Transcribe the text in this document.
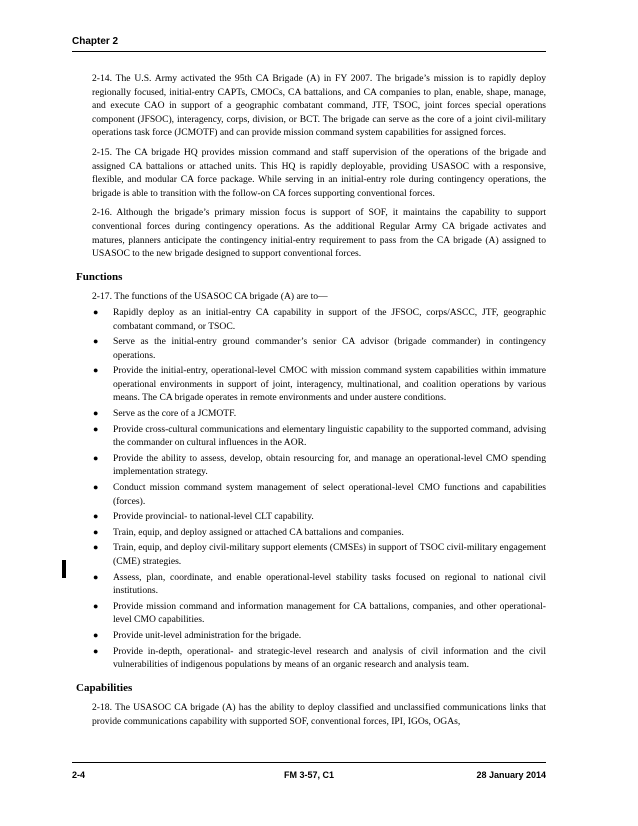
Chapter 2

2-14. The U.S. Army activated the 95th CA Brigade (A) in FY 2007. The brigade’s mission is to rapidly deploy regionally focused, initial-entry CAPTs, CMOCs, CA battalions, and CA companies to plan, enable, shape, manage, and execute CAO in support of a geographic combatant command, JTF, TSOC, joint forces special operations component (JFSOC), interagency, corps, division, or BCT. The brigade can serve as the core of a joint civil-military operations task force (JCMOTF) and can provide mission command system capabilities for assigned forces.

2-15. The CA brigade HQ provides mission command and staff supervision of the operations of the brigade and assigned CA battalions or attached units. This HQ is rapidly deployable, providing USASOC with a responsive, flexible, and modular CA force package. While serving in an initial-entry role during contingency operations, the brigade is able to transition with the follow-on CA forces supporting conventional forces.

2-16. Although the brigade’s primary mission focus is support of SOF, it maintains the capability to support conventional forces during contingency operations. As the additional Regular Army CA brigade activates and matures, planners anticipate the contingency initial-entry requirement to pass from the CA brigade (A) assigned to USASOC to the new brigade designed to support conventional forces.

Functions

2-17. The functions of the USASOC CA brigade (A) are to—

● Rapidly deploy as an initial-entry CA capability in support of the JFSOC, corps/ASCC, JTF, geographic combatant command, or TSOC.
● Serve as the initial-entry ground commander’s senior CA advisor (brigade commander) in contingency operations.
● Provide the initial-entry, operational-level CMOC with mission command system capabilities within immature operational environments in support of joint, interagency, multinational, and coalition operations by various means. The CA brigade operates in remote environments and under austere conditions.
● Serve as the core of a JCMOTF.
● Provide cross-cultural communications and elementary linguistic capability to the supported command, advising the commander on cultural influences in the AOR.
● Provide the ability to assess, develop, obtain resourcing for, and manage an operational-level CMO spending implementation strategy.
● Conduct mission command system management of select operational-level CMO functions and capabilities (forces).
● Provide provincial- to national-level CLT capability.
● Train, equip, and deploy assigned or attached CA battalions and companies.
● Train, equip, and deploy civil-military support elements (CMSEs) in support of TSOC civil-military engagement (CME) strategies.
● Assess, plan, coordinate, and enable operational-level stability tasks focused on regional to national civil institutions.
● Provide mission command and information management for CA battalions, companies, and other operational-level CMO capabilities.
● Provide unit-level administration for the brigade.
● Provide in-depth, operational- and strategic-level research and analysis of civil information and the civil vulnerabilities of indigenous populations by means of an organic research and analysis team.
Capabilities

2-18. The USASOC CA brigade (A) has the ability to deploy classified and unclassified communications links that provide communications capability with supported SOF, conventional forces, IPI, IGOs, OGAs,

2-4	FM 3-57, C1	28 January 2014
